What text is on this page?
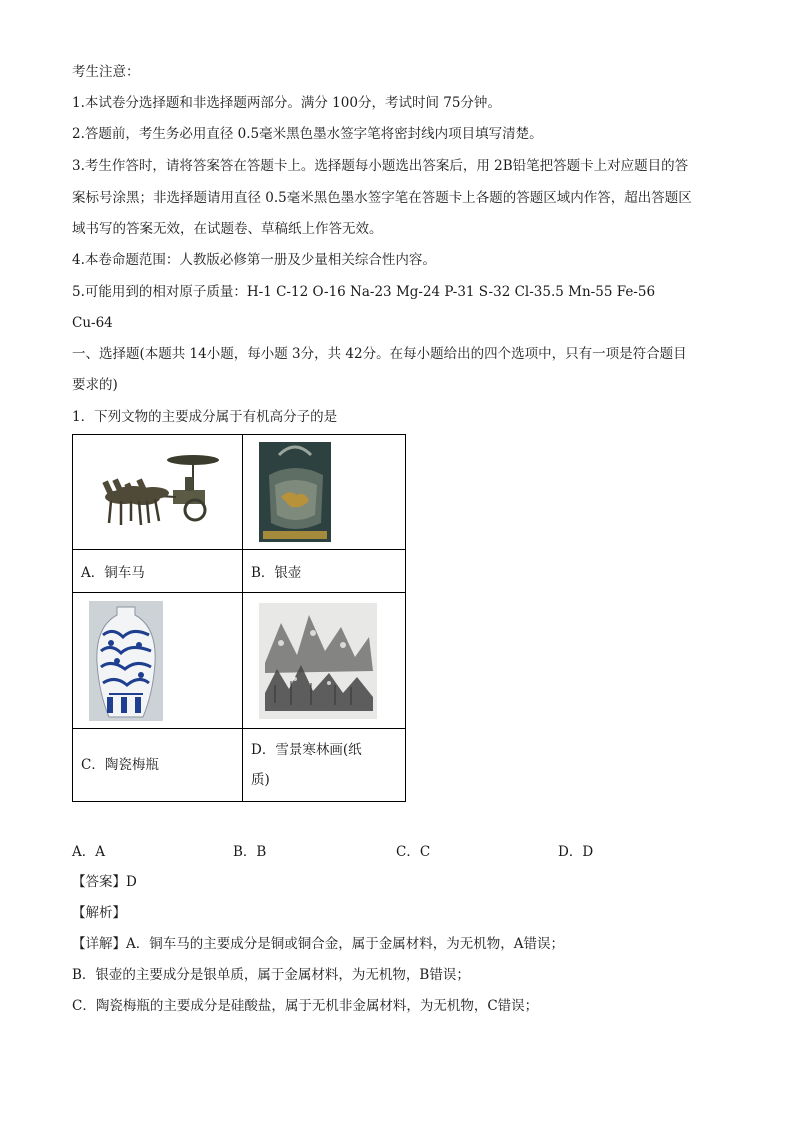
考生注意：
1.本试卷分选择题和非选择题两部分。满分 100分，考试时间 75分钟。
2.答题前，考生务必用直径 0.5毫米黑色墨水签字笔将密封线内项目填写清楚。
3.考生作答时，请将答案答在答题卡上。选择题每小题选出答案后，用 2B铅笔把答题卡上对应题目的答
案标号涂黑；非选择题请用直径 0.5毫米黑色墨水签字笔在答题卡上各题的答题区域内作答，超出答题区
域书写的答案无效，在试题卷、草稿纸上作答无效。
4.本卷命题范围：人教版必修第一册及少量相关综合性内容。
5.可能用到的相对原子质量：H-1 C-12 O-16 Na-23 Mg-24 P-31 S-32 Cl-35.5 Mn-55 Fe-56
Cu-64
一、选择题(本题共 14小题，每小题 3分，共 42分。在每小题给出的四个选项中，只有一项是符合题目
要求的)
1．下列文物的主要成分属于有机高分子的是

A．铜车马	B．银壶

C．陶瓷梅瓶	D．雪景寒林画(纸
质)
A．A	B．B	C．C	D．D
【答案】D
【解析】
【详解】A．铜车马的主要成分是铜或铜合金，属于金属材料，为无机物，A错误；
B．银壶的主要成分是银单质，属于金属材料，为无机物，B错误；
C．陶瓷梅瓶的主要成分是硅酸盐，属于无机非金属材料，为无机物，C错误；
